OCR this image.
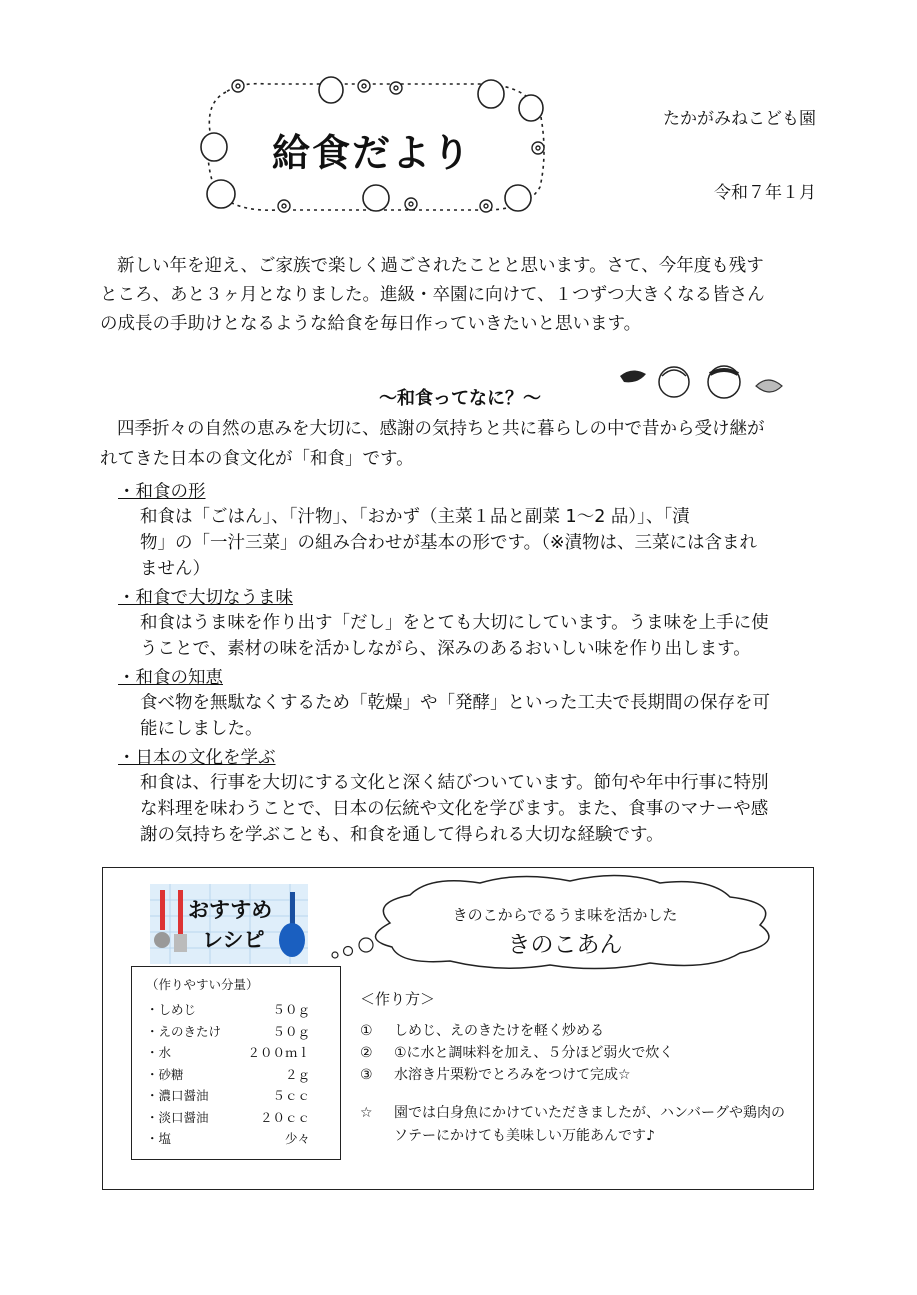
給食だより
たかがみねこども園
令和７年１月

新しい年を迎え、ご家族で楽しく過ごされたことと思います。さて、今年度も残す

ところ、あと３ヶ月となりました。進級・卒園に向けて、１つずつ大きくなる皆さん

の成長の手助けとなるような給食を毎日作っていきたいと思います。

～和食ってなに？～

四季折々の自然の恵みを大切に、感謝の気持ちと共に暮らしの中で昔から受け継が

れてきた日本の食文化が「和食」です。

・和食の形

和食は「ごはん」、「汁物」、「おかず（主菜１品と副菜 1～2 品）」、「漬
物」の「一汁三菜」の組み合わせが基本の形です。（※漬物は、三菜には含まれ
ません）

・和食で大切なうま味

和食はうま味を作り出す「だし」をとても大切にしています。うま味を上手に使
うことで、素材の味を活かしながら、深みのあるおいしい味を作り出します。

・和食の知恵

食べ物を無駄なくするため「乾燥」や「発酵」といった工夫で長期間の保存を可
能にしました。

・日本の文化を学ぶ

和食は、行事を大切にする文化と深く結びついています。節句や年中行事に特別
な料理を味わうことで、日本の伝統や文化を学びます。また、食事のマナーや感
謝の気持ちを学ぶことも、和食を通して得られる大切な経験です。
おすすめ
レシピ
きのこからでるうま味を活かした
きのこあん

（作りやすい分量）

・しめじ	５０ｇ
・えのきたけ	５０ｇ
・水	２００ｍｌ
・砂糖	２ｇ
・濃口醤油	５ｃｃ
・淡口醤油	２０ｃｃ
・塩	少々

＜作り方＞

①	しめじ、えのきたけを軽く炒める

②	①に水と調味料を加え、５分ほど弱火で炊く

③	水溶き片栗粉でとろみをつけて完成☆

☆	園では白身魚にかけていただきましたが、ハンバーグや鶏肉の
ソテーにかけても美味しい万能あんです♪
